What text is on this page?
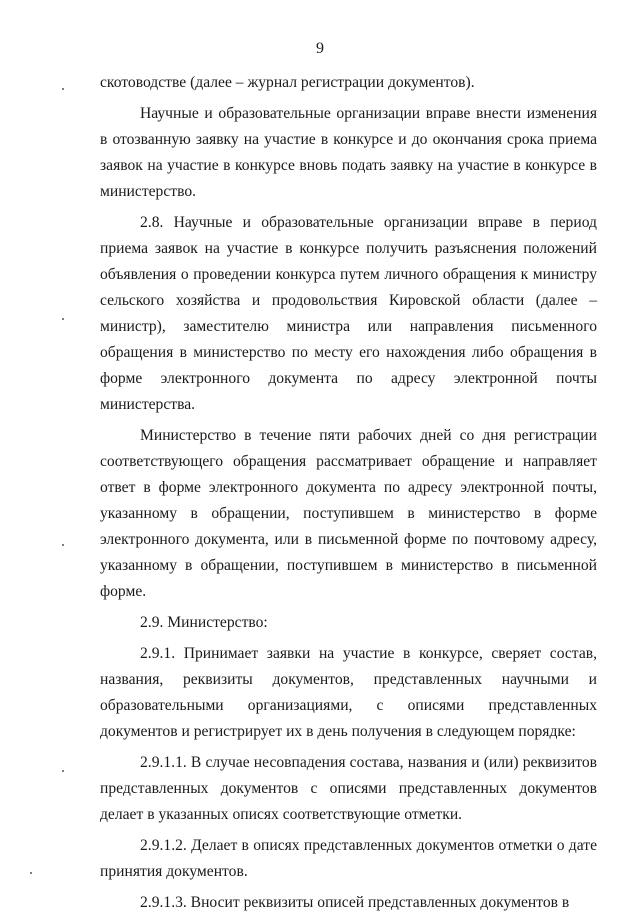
9

скотоводстве (далее – журнал регистрации документов).

Научные и образовательные организации вправе внести изменения в отозванную заявку на участие в конкурсе и до окончания срока приема заявок на участие в конкурсе вновь подать заявку на участие в конкурсе в министерство.

2.8. Научные и образовательные организации вправе в период приема заявок на участие в конкурсе получить разъяснения положений объявления о проведении конкурса путем личного обращения к министру сельского хозяйства и продовольствия Кировской области (далее – министр), заместителю министра или направления письменного обращения в министерство по месту его нахождения либо обращения в форме электронного документа по адресу электронной почты министерства.

Министерство в течение пяти рабочих дней со дня регистрации соответствующего обращения рассматривает обращение и направляет ответ в форме электронного документа по адресу электронной почты, указанному в обращении, поступившем в министерство в форме электронного документа, или в письменной форме по почтовому адресу, указанному в обращении, поступившем в министерство в письменной форме.

2.9. Министерство:

2.9.1. Принимает заявки на участие в конкурсе, сверяет состав, названия, реквизиты документов, представленных научными и образовательными организациями, с описями представленных документов и регистрирует их в день получения в следующем порядке:

2.9.1.1. В случае несовпадения состава, названия и (или) реквизитов представленных документов с описями представленных документов делает в указанных описях соответствующие отметки.

2.9.1.2. Делает в описях представленных документов отметки о дате принятия документов.

2.9.1.3. Вносит реквизиты описей представленных документов в
